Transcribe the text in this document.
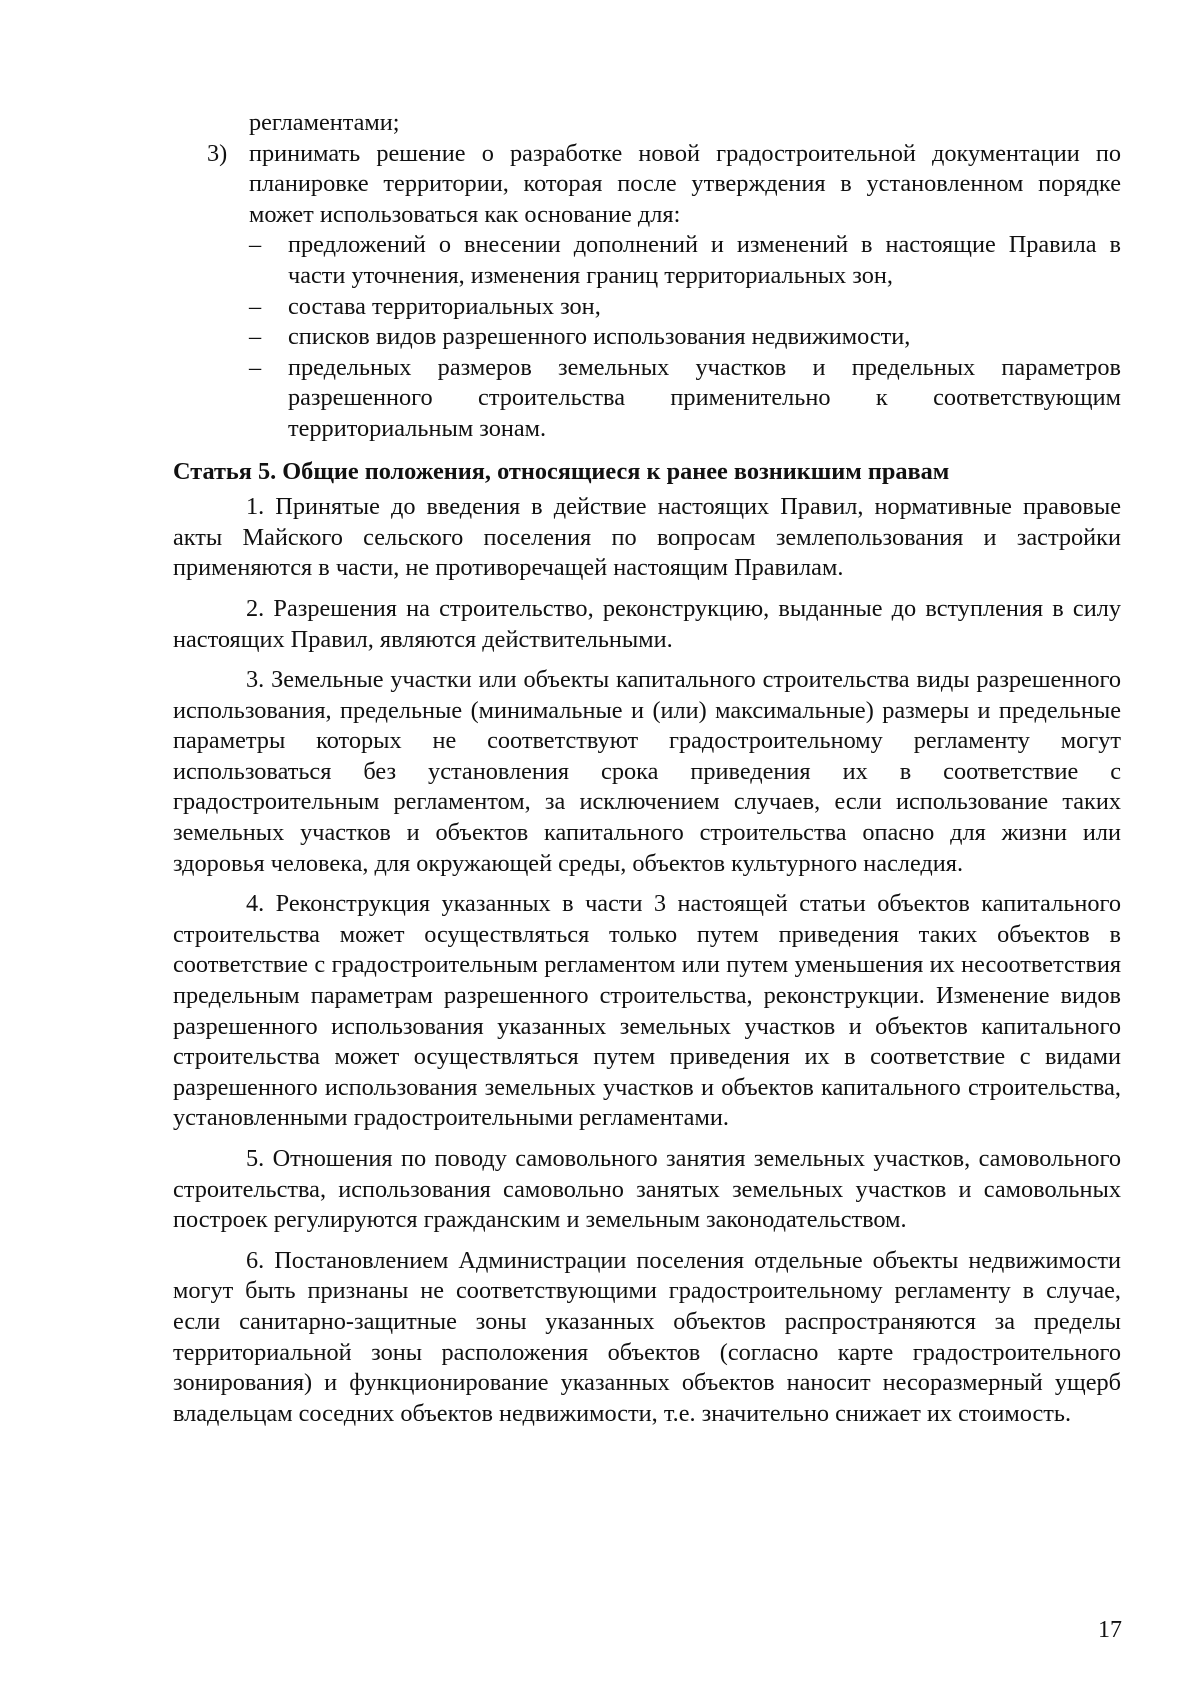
регламентами;

3) принимать решение о разработке новой градостроительной документации по планировке территории, которая после утверждения в установленном порядке может использоваться как основание для:

– предложений о внесении дополнений и изменений в настоящие Правила в части уточнения, изменения границ территориальных зон,
– состава территориальных зон,
– списков видов разрешенного использования недвижимости,
– предельных размеров земельных участков и предельных параметров разрешенного строительства применительно к соответствующим территориальным зонам.
Статья 5. Общие положения, относящиеся к ранее возникшим правам

1. Принятые до введения в действие настоящих Правил, нормативные правовые акты Майского сельского поселения по вопросам землепользования и застройки применяются в части, не противоречащей настоящим Правилам.

2. Разрешения на строительство, реконструкцию, выданные до вступления в силу настоящих Правил, являются действительными.

3. Земельные участки или объекты капитального строительства виды разрешенного использования, предельные (минимальные и (или) максимальные) размеры и предельные параметры которых не соответствуют градостроительному регламенту могут использоваться без установления срока приведения их в соответствие с градостроительным регламентом, за исключением случаев, если использование таких земельных участков и объектов капитального строительства опасно для жизни или здоровья человека, для окружающей среды, объектов культурного наследия.

4. Реконструкция указанных в части 3 настоящей статьи объектов капитального строительства может осуществляться только путем приведения таких объектов в соответствие с градостроительным регламентом или путем уменьшения их несоответствия предельным параметрам разрешенного строительства, реконструкции. Изменение видов разрешенного использования указанных земельных участков и объектов капитального строительства может осуществляться путем приведения их в соответствие с видами разрешенного использования земельных участков и объектов капитального строительства, установленными градостроительными регламентами.

5. Отношения по поводу самовольного занятия земельных участков, самовольного строительства, использования самовольно занятых земельных участков и самовольных построек регулируются гражданским и земельным законодательством.

6. Постановлением Администрации поселения отдельные объекты недвижимости могут быть признаны не соответствующими градостроительному регламенту в случае, если санитарно-защитные зоны указанных объектов распространяются за пределы территориальной зоны расположения объектов (согласно карте градостроительного зонирования) и функционирование указанных объектов наносит несоразмерный ущерб владельцам соседних объектов недвижимости, т.е. значительно снижает их стоимость.

17
